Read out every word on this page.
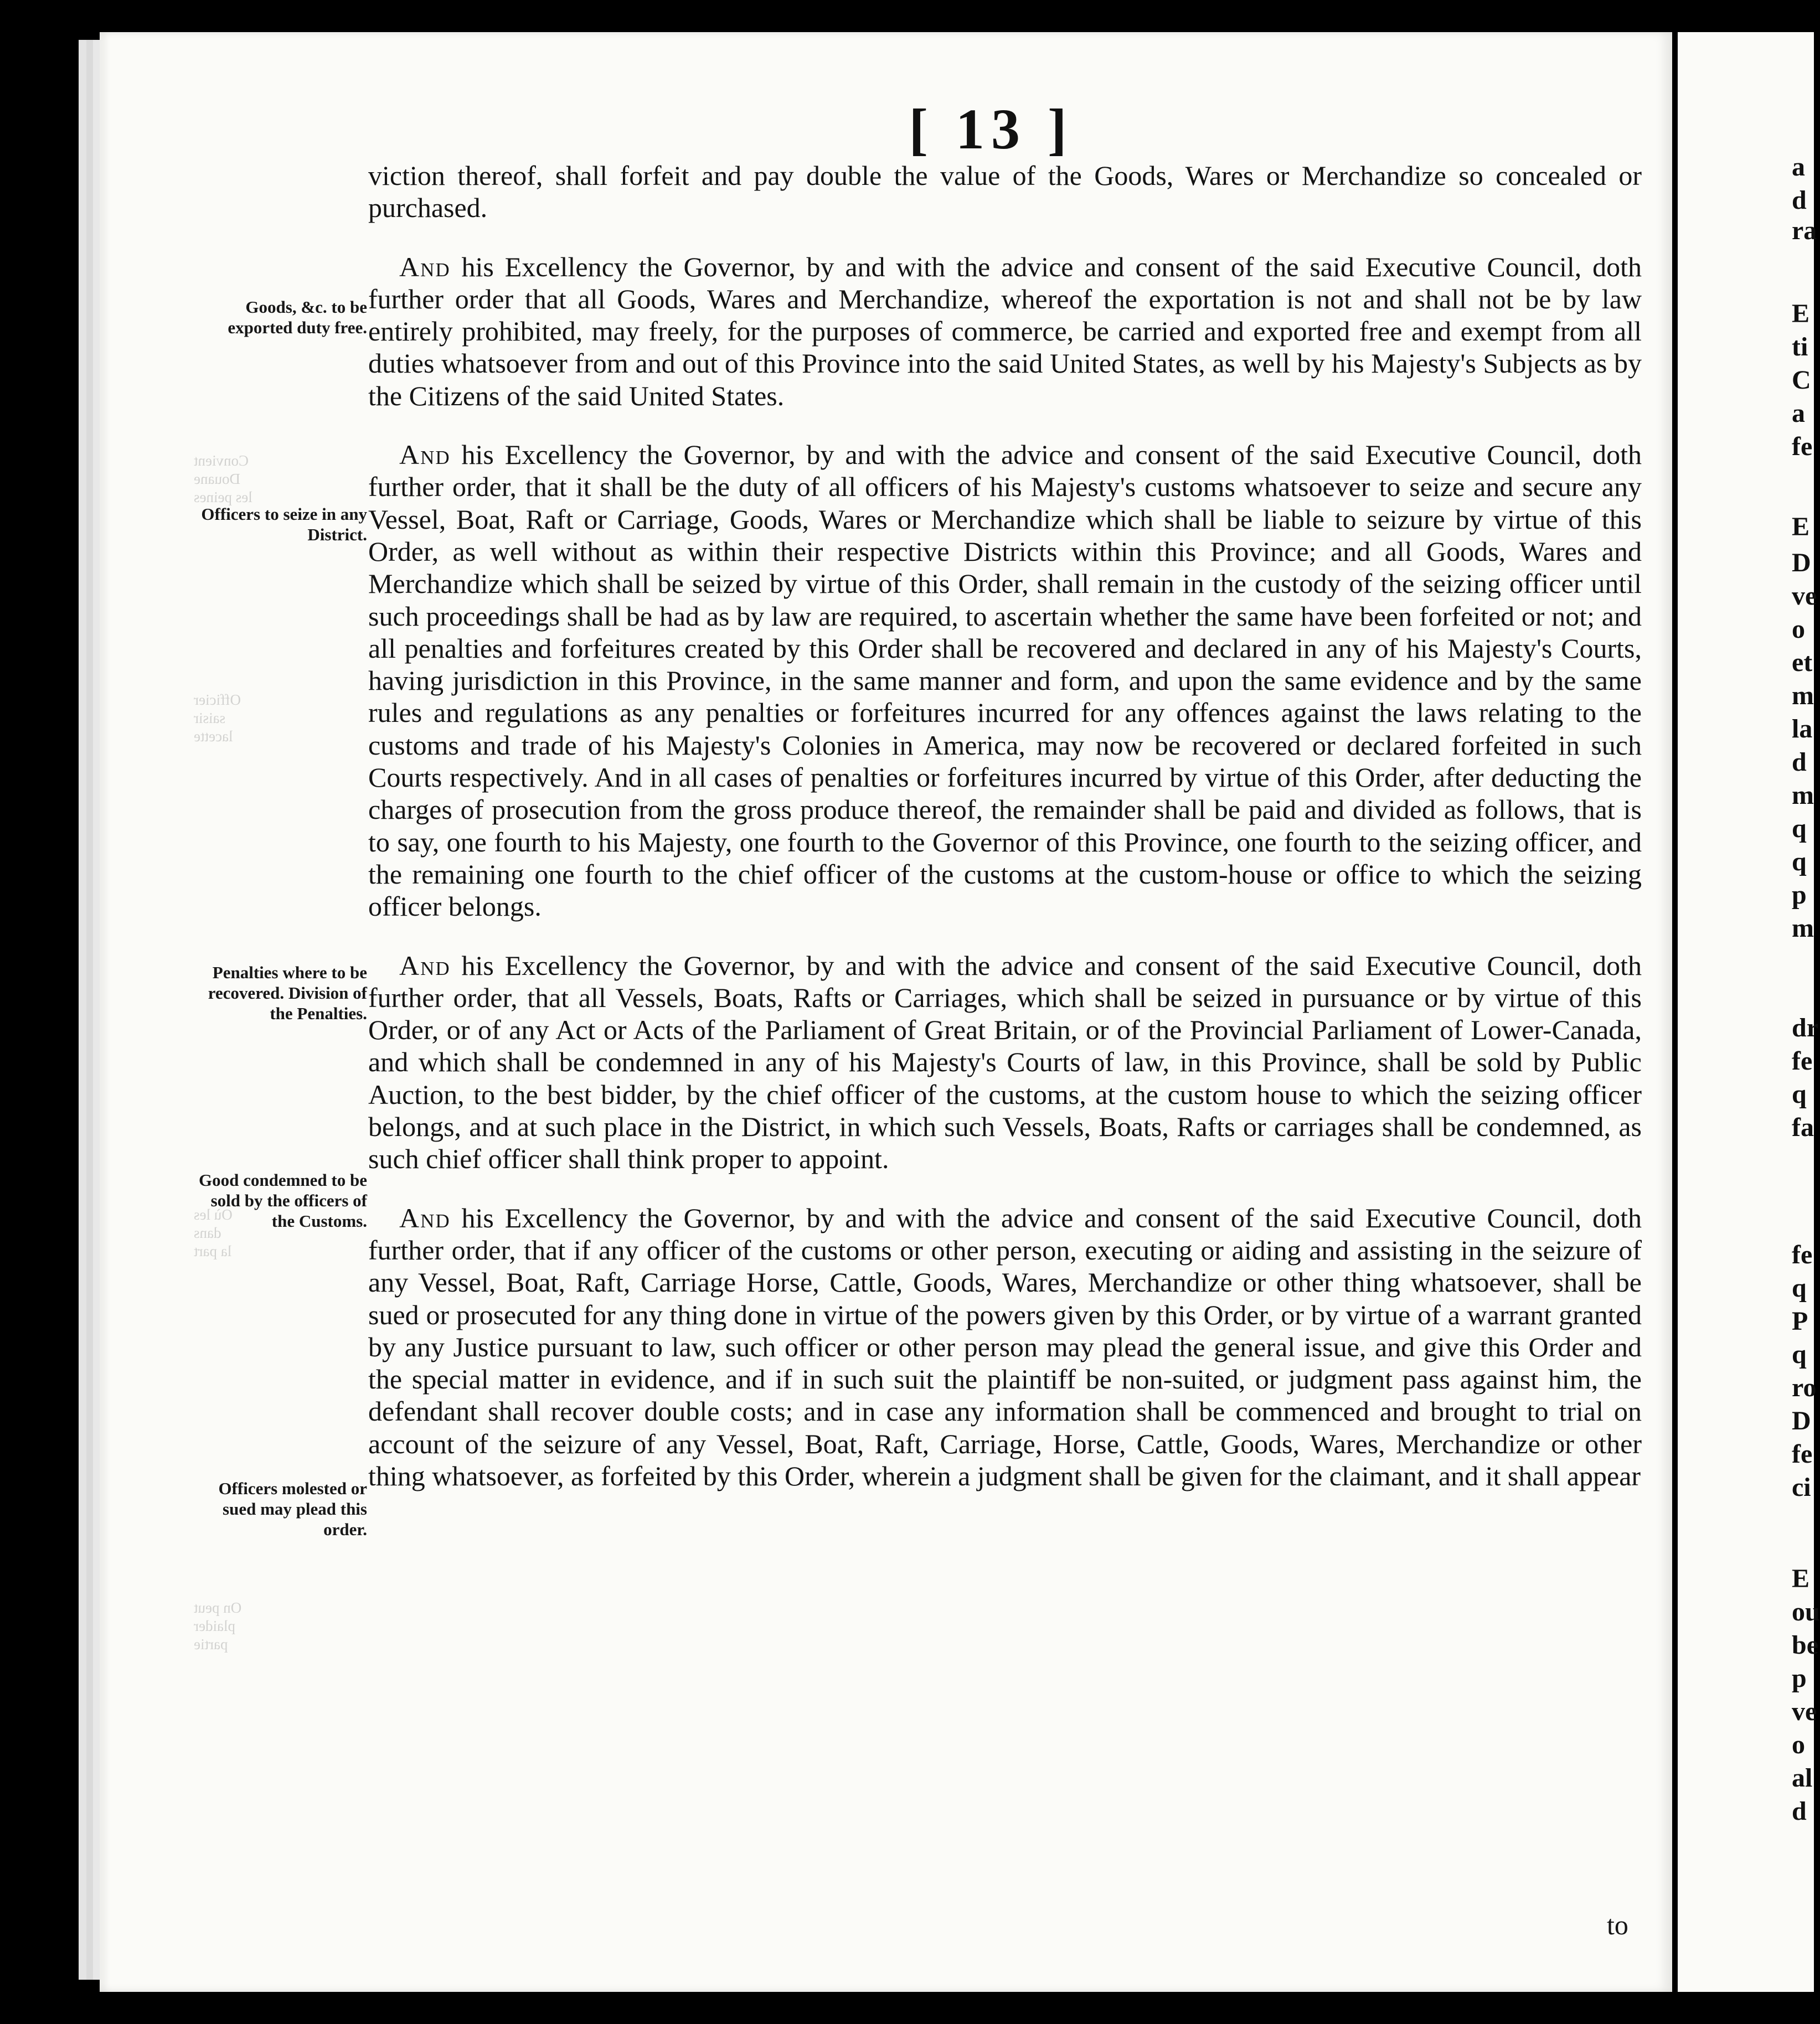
[ 13 ]
Goods, &c. to be exported duty free.
Officers to seize in any District.
Penalties where to be recovered. Division of the Penalties.
Good condemned to be sold by the officers of the Customs.
Officers molested or sued may plead this order.
Convient
Douane
les peines
Officier
saisir
lacette
Où les
dans
la part
On peut
plaider
partie

viction thereof, shall forfeit and pay double the value of the Goods, Wares or Merchandize so concealed or purchased.

And his Excellency the Governor, by and with the advice and consent of the said Executive Council, doth further order that all Goods, Wares and Merchandize, whereof the exportation is not and shall not be by law entirely prohibited, may freely, for the purposes of commerce, be carried and exported free and exempt from all duties whatsoever from and out of this Province into the said United States, as well by his Majesty's Subjects as by the Citizens of the said United States.

And his Excellency the Governor, by and with the advice and consent of the said Executive Council, doth further order, that it shall be the duty of all officers of his Majesty's customs whatsoever to seize and secure any Vessel, Boat, Raft or Carriage, Goods, Wares or Merchandize which shall be liable to seizure by virtue of this Order, as well without as within their respective Districts within this Province; and all Goods, Wares and Merchandize which shall be seized by virtue of this Order, shall remain in the custody of the seizing officer until such proceedings shall be had as by law are required, to ascertain whether the same have been forfeited or not; and all penalties and forfeitures created by this Order shall be recovered and declared in any of his Majesty's Courts, having jurisdiction in this Province, in the same manner and form, and upon the same evidence and by the same rules and regulations as any penalties or forfeitures incurred for any offences against the laws relating to the customs and trade of his Majesty's Colonies in America, may now be recovered or declared forfeited in such Courts respectively. And in all cases of penalties or forfeitures incurred by virtue of this Order, after deducting the charges of prosecution from the gross produce thereof, the remainder shall be paid and divided as follows, that is to say, one fourth to his Majesty, one fourth to the Governor of this Province, one fourth to the seizing officer, and the remaining one fourth to the chief officer of the customs at the custom-house or office to which the seizing officer belongs.

And his Excellency the Governor, by and with the advice and consent of the said Executive Council, doth further order, that all Vessels, Boats, Rafts or Carriages, which shall be seized in pursuance or by virtue of this Order, or of any Act or Acts of the Parliament of Great Britain, or of the Provincial Parliament of Lower-Canada, and which shall be condemned in any of his Majesty's Courts of law, in this Province, shall be sold by Public Auction, to the best bidder, by the chief officer of the customs, at the custom house to which the seizing officer belongs, and at such place in the District, in which such Vessels, Boats, Rafts or carriages shall be condemned, as such chief officer shall think proper to appoint.

And his Excellency the Governor, by and with the advice and consent of the said Executive Council, doth further order, that if any officer of the customs or other person, executing or aiding and assisting in the seizure of any Vessel, Boat, Raft, Carriage Horse, Cattle, Goods, Wares, Merchandize or other thing whatsoever, shall be sued or prosecuted for any thing done in virtue of the powers given by this Order, or by virtue of a warrant granted by any Justice pursuant to law, such officer or other person may plead the general issue, and give this Order and the special matter in evidence, and if in such suit the plaintiff be non-suited, or judgment pass against him, the defendant shall recover double costs; and in case any information shall be commenced and brought to trial on account of the seizure of any Vessel, Boat, Raft, Carriage, Horse, Cattle, Goods, Wares, Merchandize or other thing whatsoever, as forfeited by this Order, wherein a judgment shall be given for the claimant, and it shall appear

to
a
d
ra
E
ti
C
a
fe
E
D
ve
o
et
m
la
d
m
q
q
p
m
dr
fe
q
fa
fe
q
P
q
ro
D
fe
ci
E
ou
be
p
ve
o
al
d
